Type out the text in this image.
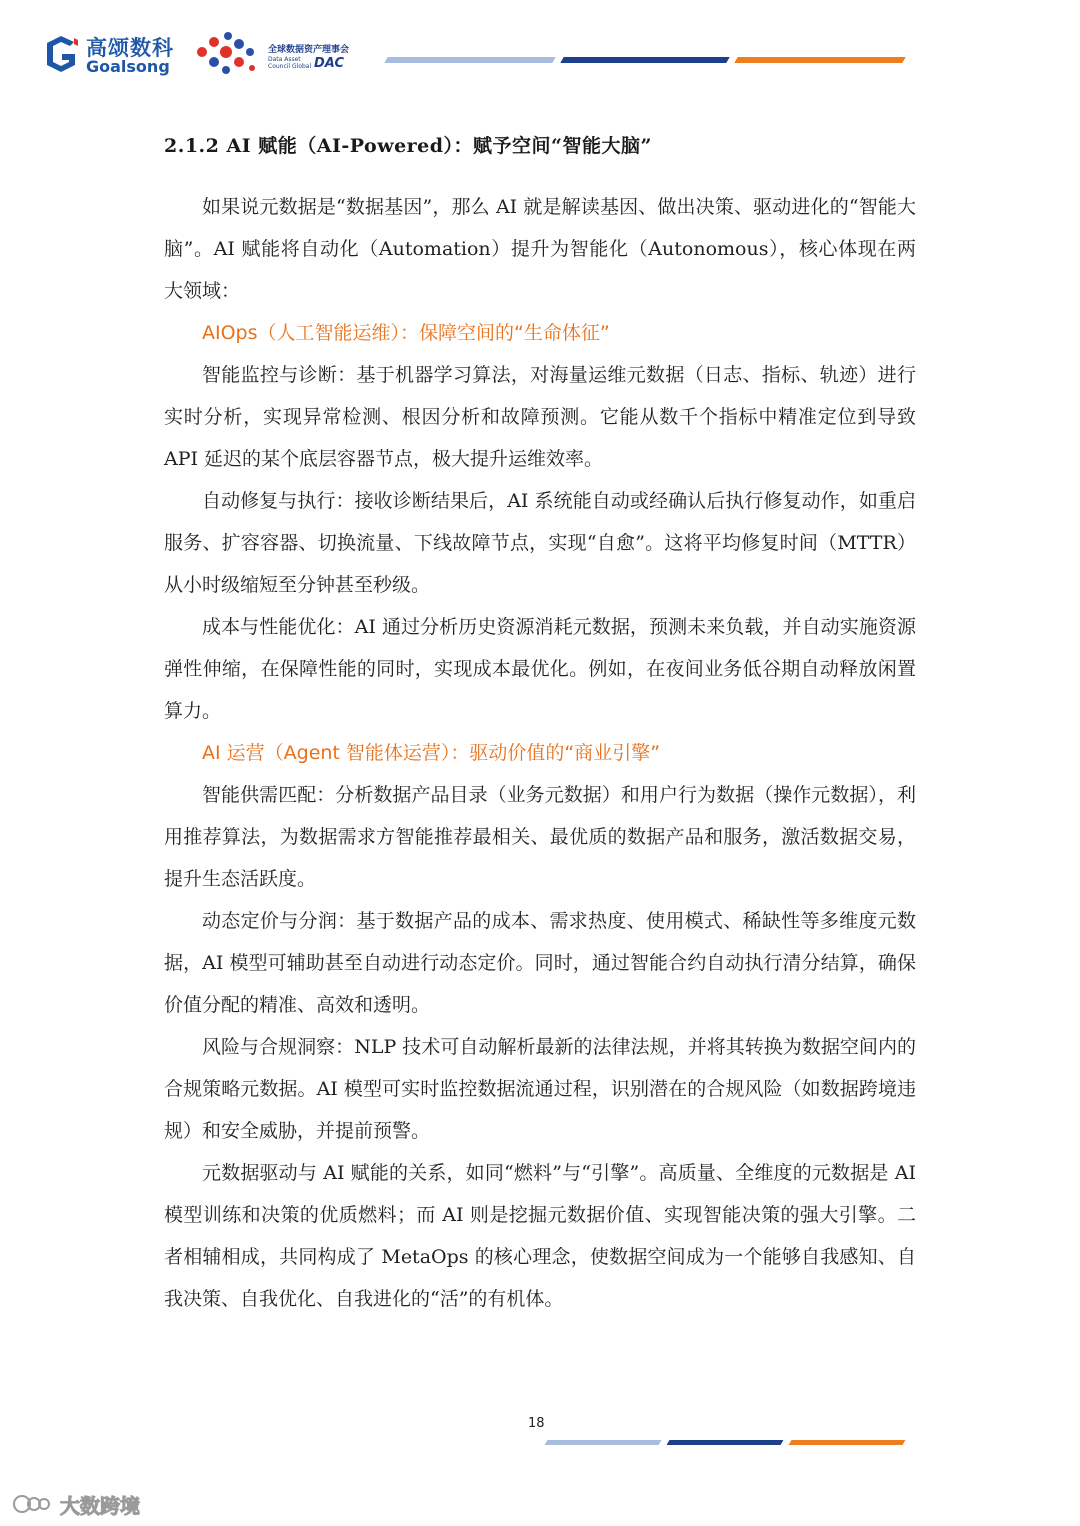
高颂数科
Goalsong
全球数据资产理事会
Data Asset Council Global DAC
2.1.2 AI 赋能（AI-Powered）：赋予空间“智能大脑”

如果说元数据是“数据基因”，那么 AI 就是解读基因、做出决策、驱动进化的“智能大脑”。AI 赋能将自动化（Automation）提升为智能化（Autonomous），核心体现在两大领域：

AIOps（人工智能运维）：保障空间的“生命体征”

智能监控与诊断：基于机器学习算法，对海量运维元数据（日志、指标、轨迹）进行实时分析，实现异常检测、根因分析和故障预测。它能从数千个指标中精准定位到导致 API 延迟的某个底层容器节点，极大提升运维效率。

自动修复与执行：接收诊断结果后，AI 系统能自动或经确认后执行修复动作，如重启服务、扩容容器、切换流量、下线故障节点，实现“自愈”。这将平均修复时间（MTTR）从小时级缩短至分钟甚至秒级。

成本与性能优化：AI 通过分析历史资源消耗元数据，预测未来负载，并自动实施资源弹性伸缩，在保障性能的同时，实现成本最优化。例如，在夜间业务低谷期自动释放闲置算力。

AI 运营（Agent 智能体运营）：驱动价值的“商业引擎”

智能供需匹配：分析数据产品目录（业务元数据）和用户行为数据（操作元数据），利用推荐算法，为数据需求方智能推荐最相关、最优质的数据产品和服务，激活数据交易，提升生态活跃度。

动态定价与分润：基于数据产品的成本、需求热度、使用模式、稀缺性等多维度元数据，AI 模型可辅助甚至自动进行动态定价。同时，通过智能合约自动执行清分结算，确保价值分配的精准、高效和透明。

风险与合规洞察：NLP 技术可自动解析最新的法律法规，并将其转换为数据空间内的合规策略元数据。AI 模型可实时监控数据流通过程，识别潜在的合规风险（如数据跨境违规）和安全威胁，并提前预警。

元数据驱动与 AI 赋能的关系，如同“燃料”与“引擎”。高质量、全维度的元数据是 AI 模型训练和决策的优质燃料；而 AI 则是挖掘元数据价值、实现智能决策的强大引擎。二者相辅相成，共同构成了 MetaOps 的核心理念，使数据空间成为一个能够自我感知、自我决策、自我优化、自我进化的“活”的有机体。

18
大数跨境
